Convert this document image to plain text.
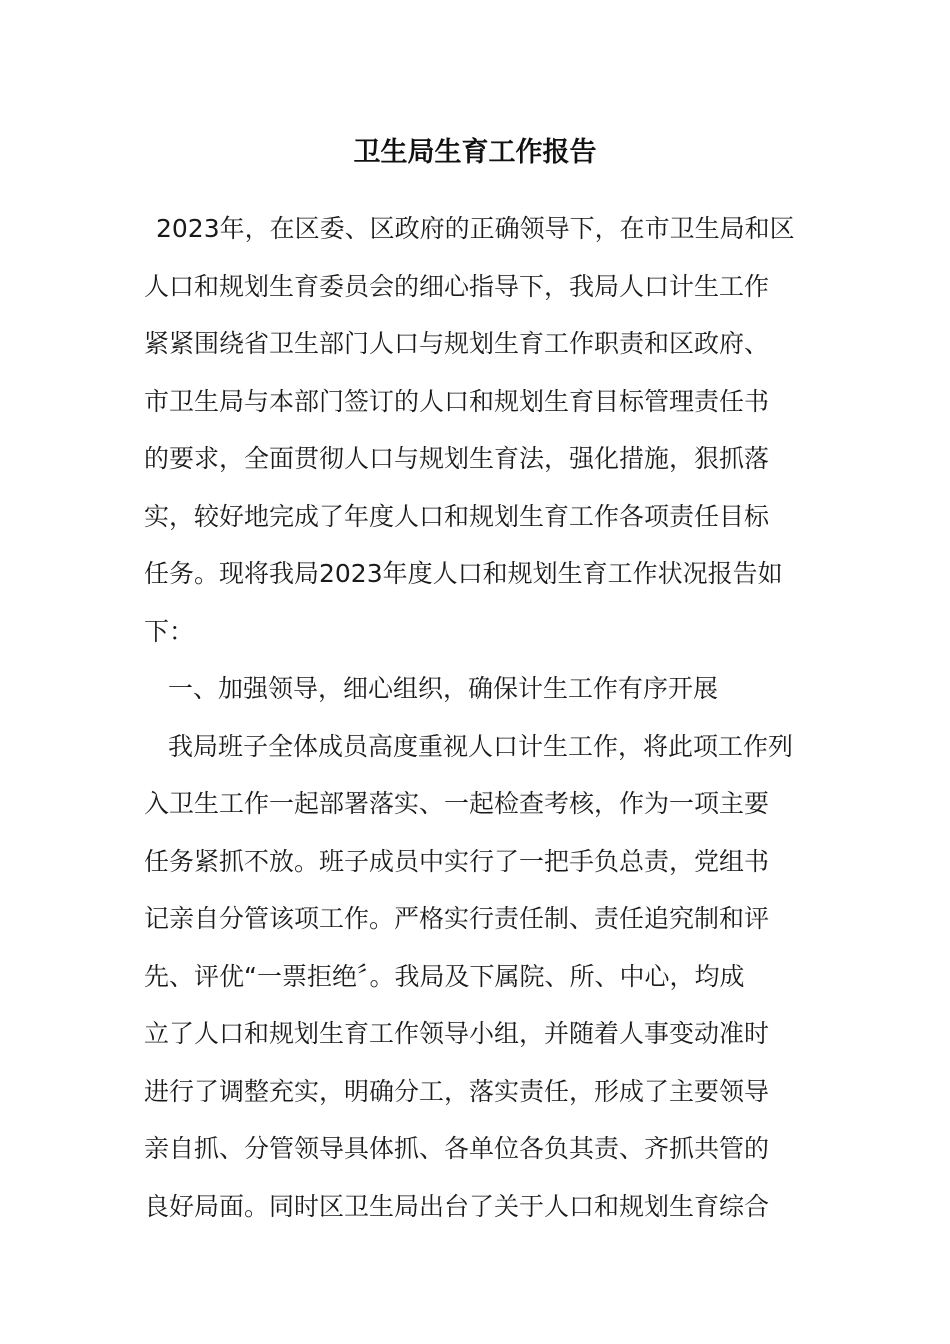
卫生局生育工作报告
2023年，在区委、区政府的正确领导下，在市卫生局和区
人口和规划生育委员会的细心指导下，我局人口计生工作
紧紧围绕省卫生部门人口与规划生育工作职责和区政府、
市卫生局与本部门签订的人口和规划生育目标管理责任书
的要求，全面贯彻人口与规划生育法，强化措施，狠抓落
实，较好地完成了年度人口和规划生育工作各项责任目标
任务。现将我局2023年度人口和规划生育工作状况报告如
下：
一、加强领导，细心组织，确保计生工作有序开展
我局班子全体成员高度重视人口计生工作，将此项工作列
入卫生工作一起部署落实、一起检查考核，作为一项主要
任务紧抓不放。班子成员中实行了一把手负总责，党组书
记亲自分管该项工作。严格实行责任制、责任追究制和评
先、评优“一票拒绝〞。我局及下属院、所、中心，均成
立了人口和规划生育工作领导小组，并随着人事变动准时
进行了调整充实，明确分工，落实责任，形成了主要领导
亲自抓、分管领导具体抓、各单位各负其责、齐抓共管的
良好局面。同时区卫生局出台了关于人口和规划生育综合
